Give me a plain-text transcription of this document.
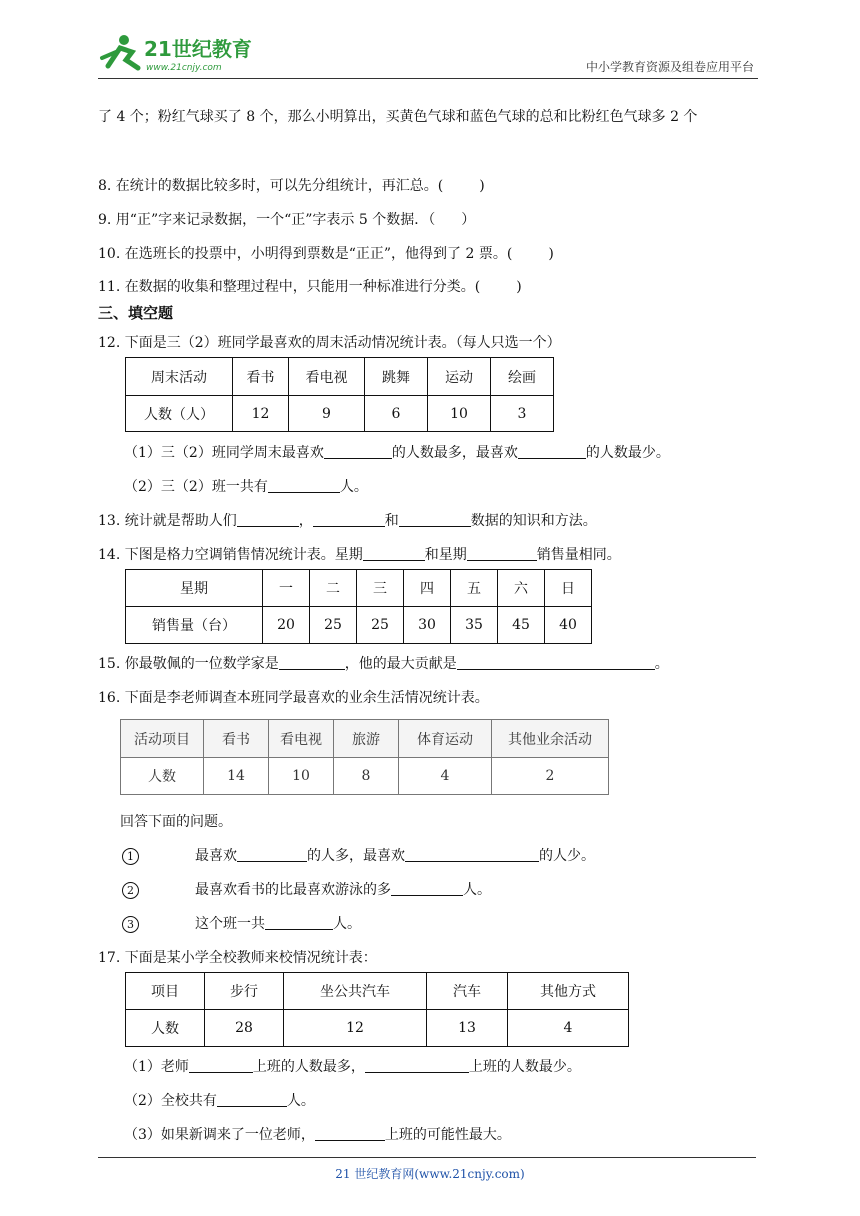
21世纪教育
www.21cnjy.com	中小学教育资源及组卷应用平台
了 4 个；粉红气球买了 8 个，那么小明算出，买黄色气球和蓝色气球的总和比粉红色气球多 2 个
8. 在统计的数据比较多时，可以先分组统计，再汇总。(	)
9. 用“正”字来记录数据，一个“正”字表示 5 个数据．（ ）
10. 在选班长的投票中，小明得到票数是“正正”，他得到了 2 票。(	)
11. 在数据的收集和整理过程中，只能用一种标准进行分类。(	)
三、填空题
12. 下面是三（2）班同学最喜欢的周末活动情况统计表。（每人只选一个）
周末活动	看书	看电视	跳舞	运动	绘画
人数（人）	12	9	6	10	3
（1）三（2）班同学周末最喜欢	的人数最多，最喜欢	的人数最少。
（2）三（2）班一共有	人。
13. 统计就是帮助人们	，	和	数据的知识和方法。
14. 下图是格力空调销售情况统计表。星期	和星期	销售量相同。
星期	一	二	三	四	五	六	日
销售量（台）	20	25	25	30	35	45	40
15. 你最敬佩的一位数学家是	，他的最大贡献是	。
16. 下面是李老师调查本班同学最喜欢的业余生活情况统计表。
活动项目	看书	看电视	旅游	体育运动	其他业余活动
人数	14	10	8	4	2
回答下面的问题。
1	最喜欢	的人多，最喜欢	的人少。
2	最喜欢看书的比最喜欢游泳的多	人。
3	这个班一共	人。
17. 下面是某小学全校教师来校情况统计表：
项目	步行	坐公共汽车	汽车	其他方式
人数	28	12	13	4
（1）老师	上班的人数最多，	上班的人数最少。
（2）全校共有	人。
（3）如果新调来了一位老师，	上班的可能性最大。
21 世纪教育网(www.21cnjy.com)
